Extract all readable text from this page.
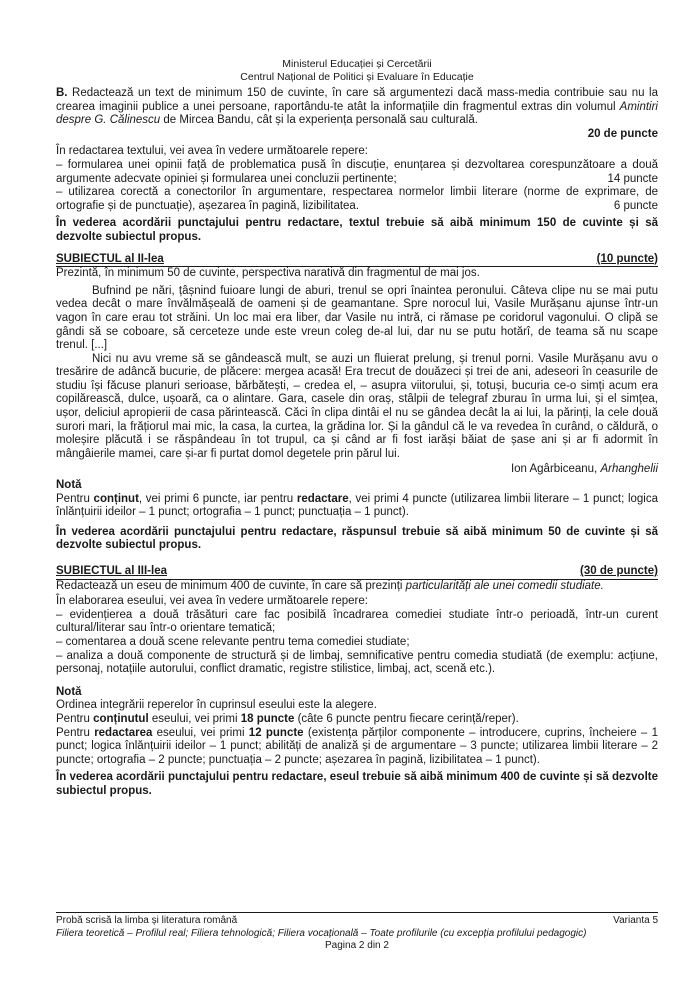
Ministerul Educației și Cercetării
Centrul Național de Politici și Evaluare în Educație

B. Redactează un text de minimum 150 de cuvinte, în care să argumentezi dacă mass-media contribuie sau nu la crearea imaginii publice a unei persoane, raportându-te atât la informațiile din fragmentul extras din volumul Amintiri despre G. Călinescu de Mircea Bandu, cât și la experiența personală sau culturală.

20 de puncte

În redactarea textului, vei avea în vedere următoarele repere:

– formularea unei opinii față de problematica pusă în discuție, enunțarea și dezvoltarea corespunzătoare a două argumente adecvate opiniei și formularea unei concluzii pertinente;	14 puncte

– utilizarea corectă a conectorilor în argumentare, respectarea normelor limbii literare (norme de exprimare, de ortografie și de punctuație), așezarea în pagină, lizibilitatea.	6 puncte

În vederea acordării punctajului pentru redactare, textul trebuie să aibă minimum 150 de cuvinte și să dezvolte subiectul propus.

SUBIECTUL al II-lea	(10 puncte)

Prezintă, în minimum 50 de cuvinte, perspectiva narativă din fragmentul de mai jos.

Bufnind pe nări, țâșnind fuioare lungi de aburi, trenul se opri înaintea peronului. Câteva clipe nu se mai putu vedea decât o mare învălmășeală de oameni și de geamantane. Spre norocul lui, Vasile Murășanu ajunse într-un vagon în care erau tot străini. Un loc mai era liber, dar Vasile nu intră, ci rămase pe coridorul vagonului. O clipă se gândi să se coboare, să cerceteze unde este vreun coleg de-al lui, dar nu se putu hotărî, de teama să nu scape trenul. [...]

Nici nu avu vreme să se gândească mult, se auzi un fluierat prelung, și trenul porni. Vasile Murășanu avu o tresărire de adâncă bucurie, de plăcere: mergea acasă! Era trecut de douăzeci și trei de ani, adeseori în ceasurile de studiu își făcuse planuri serioase, bărbătești, – credea el, – asupra viitorului, și, totuși, bucuria ce-o simți acum era copilărească, dulce, ușoară, ca o alintare. Gara, casele din oraș, stâlpii de telegraf zburau în urma lui, și el simțea, ușor, deliciul apropierii de casa părintească. Căci în clipa dintâi el nu se gândea decât la ai lui, la părinți, la cele două surori mari, la frățiorul mai mic, la casa, la curtea, la grădina lor. Și la gândul că le va revedea în curând, o căldură, o moleșire plăcută i se răspândeau în tot trupul, ca și când ar fi fost iarăși băiat de șase ani și ar fi adormit în mângâierile mamei, care și-ar fi purtat domol degetele prin părul lui.

Ion Agârbiceanu, Arhanghelii

Notă

Pentru conținut, vei primi 6 puncte, iar pentru redactare, vei primi 4 puncte (utilizarea limbii literare – 1 punct; logica înlănțuirii ideilor – 1 punct; ortografia – 1 punct; punctuația – 1 punct).

În vederea acordării punctajului pentru redactare, răspunsul trebuie să aibă minimum 50 de cuvinte și să dezvolte subiectul propus.

SUBIECTUL al III-lea	(30 de puncte)

Redactează un eseu de minimum 400 de cuvinte, în care să prezinți particularități ale unei comedii studiate.

În elaborarea eseului, vei avea în vedere următoarele repere:

– evidențierea a două trăsături care fac posibilă încadrarea comediei studiate într-o perioadă, într-un curent cultural/literar sau într-o orientare tematică;

– comentarea a două scene relevante pentru tema comediei studiate;

– analiza a două componente de structură și de limbaj, semnificative pentru comedia studiată (de exemplu: acțiune, personaj, notațiile autorului, conflict dramatic, registre stilistice, limbaj, act, scenă etc.).

Notă

Ordinea integrării reperelor în cuprinsul eseului este la alegere.

Pentru conținutul eseului, vei primi 18 puncte (câte 6 puncte pentru fiecare cerință/reper).

Pentru redactarea eseului, vei primi 12 puncte (existența părților componente – introducere, cuprins, încheiere – 1 punct; logica înlănțuirii ideilor – 1 punct; abilități de analiză și de argumentare – 3 puncte; utilizarea limbii literare – 2 puncte; ortografia – 2 puncte; punctuația – 2 puncte; așezarea în pagină, lizibilitatea – 1 punct).

În vederea acordării punctajului pentru redactare, eseul trebuie să aibă minimum 400 de cuvinte și să dezvolte subiectul propus.

Probă scrisă la limba și literatura română	Varianta 5
Filiera teoretică – Profilul real; Filiera tehnologică; Filiera vocațională – Toate profilurile (cu excepția profilului pedagogic)
Pagina 2 din 2
